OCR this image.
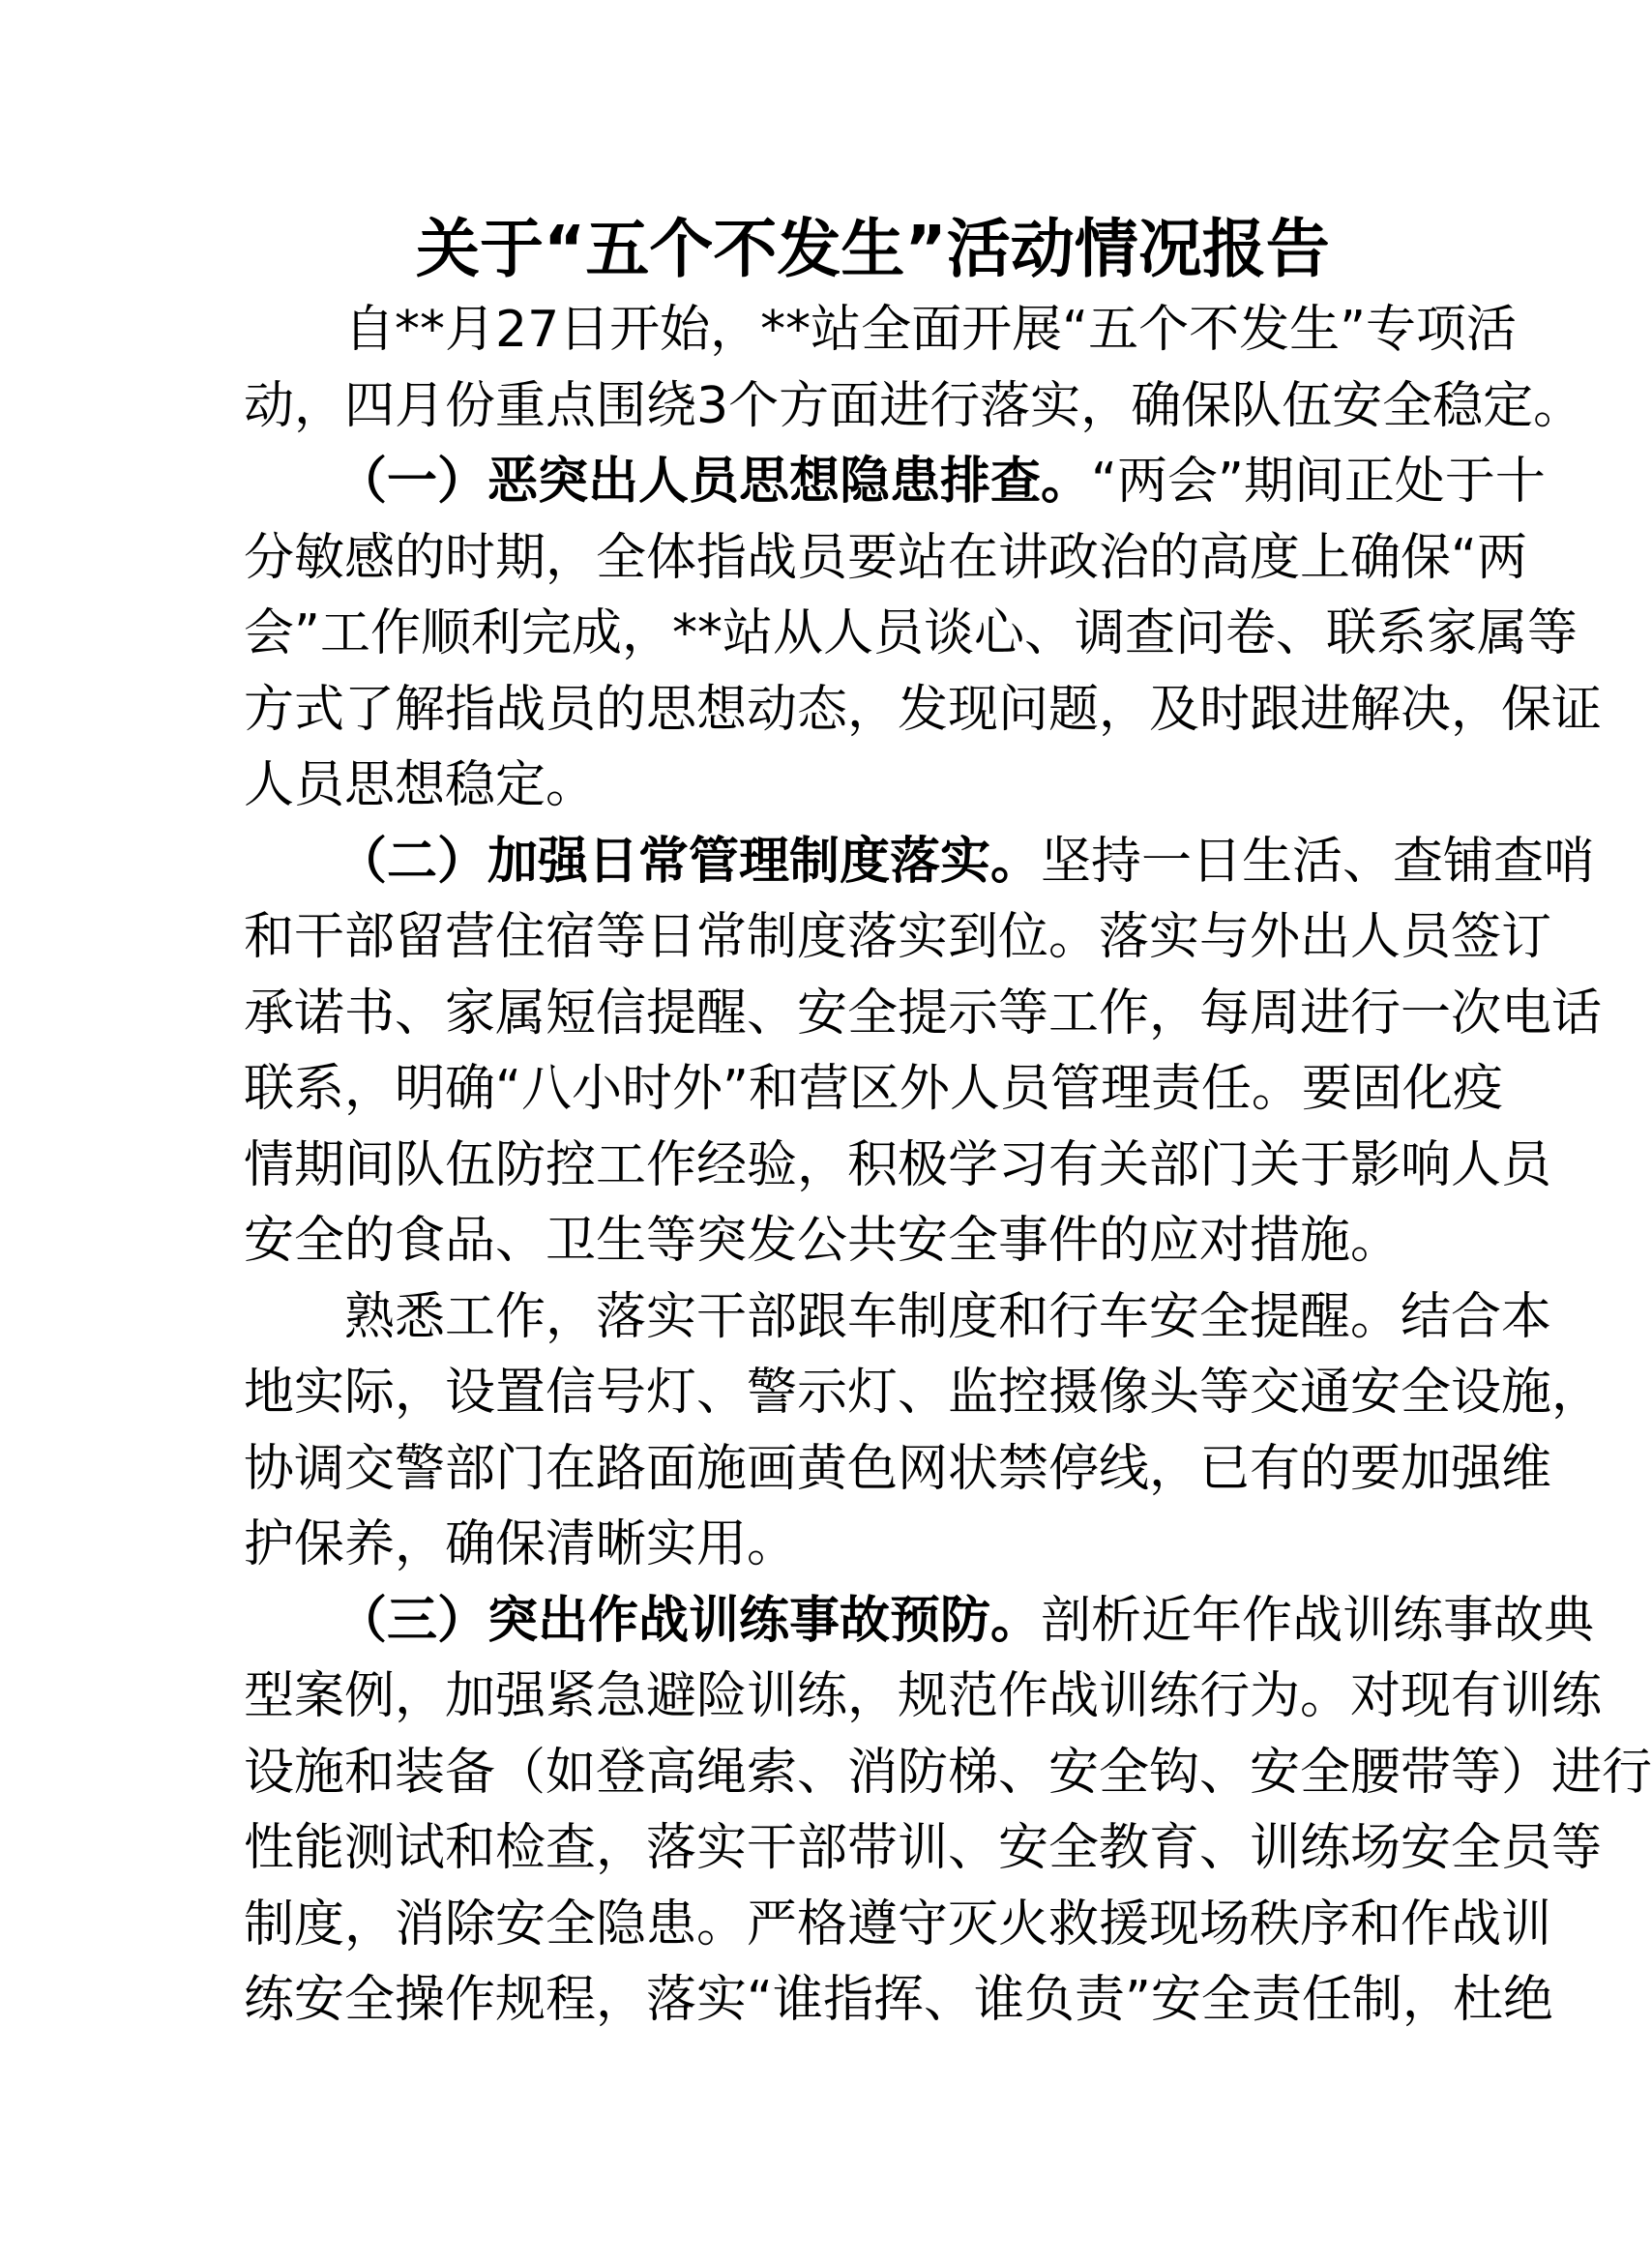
关于“五个不发生”活动情况报告
自**月27日开始，**站全面开展“五个不发生”专项活
动，四月份重点围绕3个方面进行落实，确保队伍安全稳定。
（一）恶突出人员思想隐患排查。“两会”期间正处于十
分敏感的时期，全体指战员要站在讲政治的高度上确保“两
会”工作顺利完成，**站从人员谈心、调查问卷、联系家属等
方式了解指战员的思想动态，发现问题，及时跟进解决，保证
人员思想稳定。
（二）加强日常管理制度落实。坚持一日生活、查铺查哨
和干部留营住宿等日常制度落实到位。落实与外出人员签订
承诺书、家属短信提醒、安全提示等工作，每周进行一次电话
联系，明确“八小时外”和营区外人员管理责任。要固化疫
情期间队伍防控工作经验，积极学习有关部门关于影响人员
安全的食品、卫生等突发公共安全事件的应对措施。
熟悉工作，落实干部跟车制度和行车安全提醒。结合本
地实际，设置信号灯、警示灯、监控摄像头等交通安全设施，
协调交警部门在路面施画黄色网状禁停线，已有的要加强维
护保养，确保清晰实用。
（三）突出作战训练事故预防。剖析近年作战训练事故典
型案例，加强紧急避险训练，规范作战训练行为。对现有训练
设施和装备（如登高绳索、消防梯、安全钩、安全腰带等）进行
性能测试和检查，落实干部带训、安全教育、训练场安全员等
制度，消除安全隐患。严格遵守灭火救援现场秩序和作战训
练安全操作规程，落实“谁指挥、谁负责”安全责任制，杜绝
